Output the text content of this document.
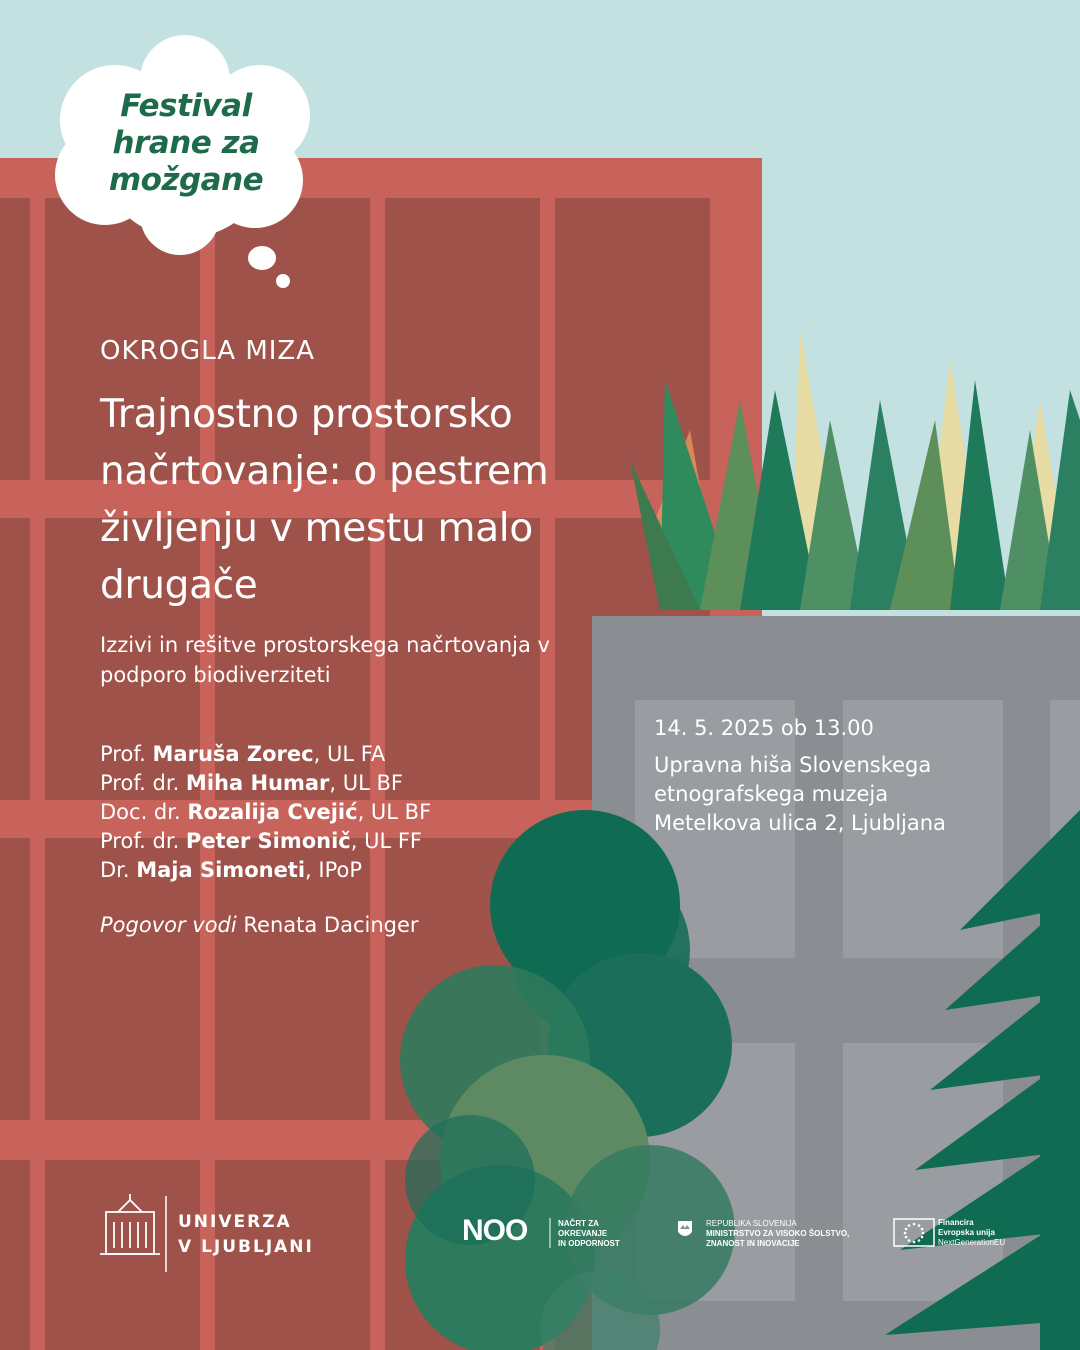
Festival
hrane za
možgane
OKROGLA MIZA
Trajnostno prostorsko načrtovanje: o pestrem življenju v mestu malo drugače
Izzivi in rešitve prostorskega načrtovanja v podporo biodiverziteti
Prof. Maruša Zorec, UL FA
Prof. dr. Miha Humar, UL BF
Doc. dr. Rozalija Cvejić, UL BF
Prof. dr. Peter Simonič, UL FF
Dr. Maja Simoneti, IPoP
Pogovor vodi Renata Dacinger
14. 5. 2025 ob 13.00
Upravna hiša Slovenskega
etnografskega muzeja
Metelkova ulica 2, Ljubljana
UNIVERZA
V LJUBLJANI	NOO	NAČRT ZA
OKREVANJE
IN ODPORNOST
REPUBLIKA SLOVENIJA
MINISTRSTVO ZA VISOKO ŠOLSTVO,
ZNANOST IN INOVACIJE
Financira
Evropska unija
NextGenerationEU
